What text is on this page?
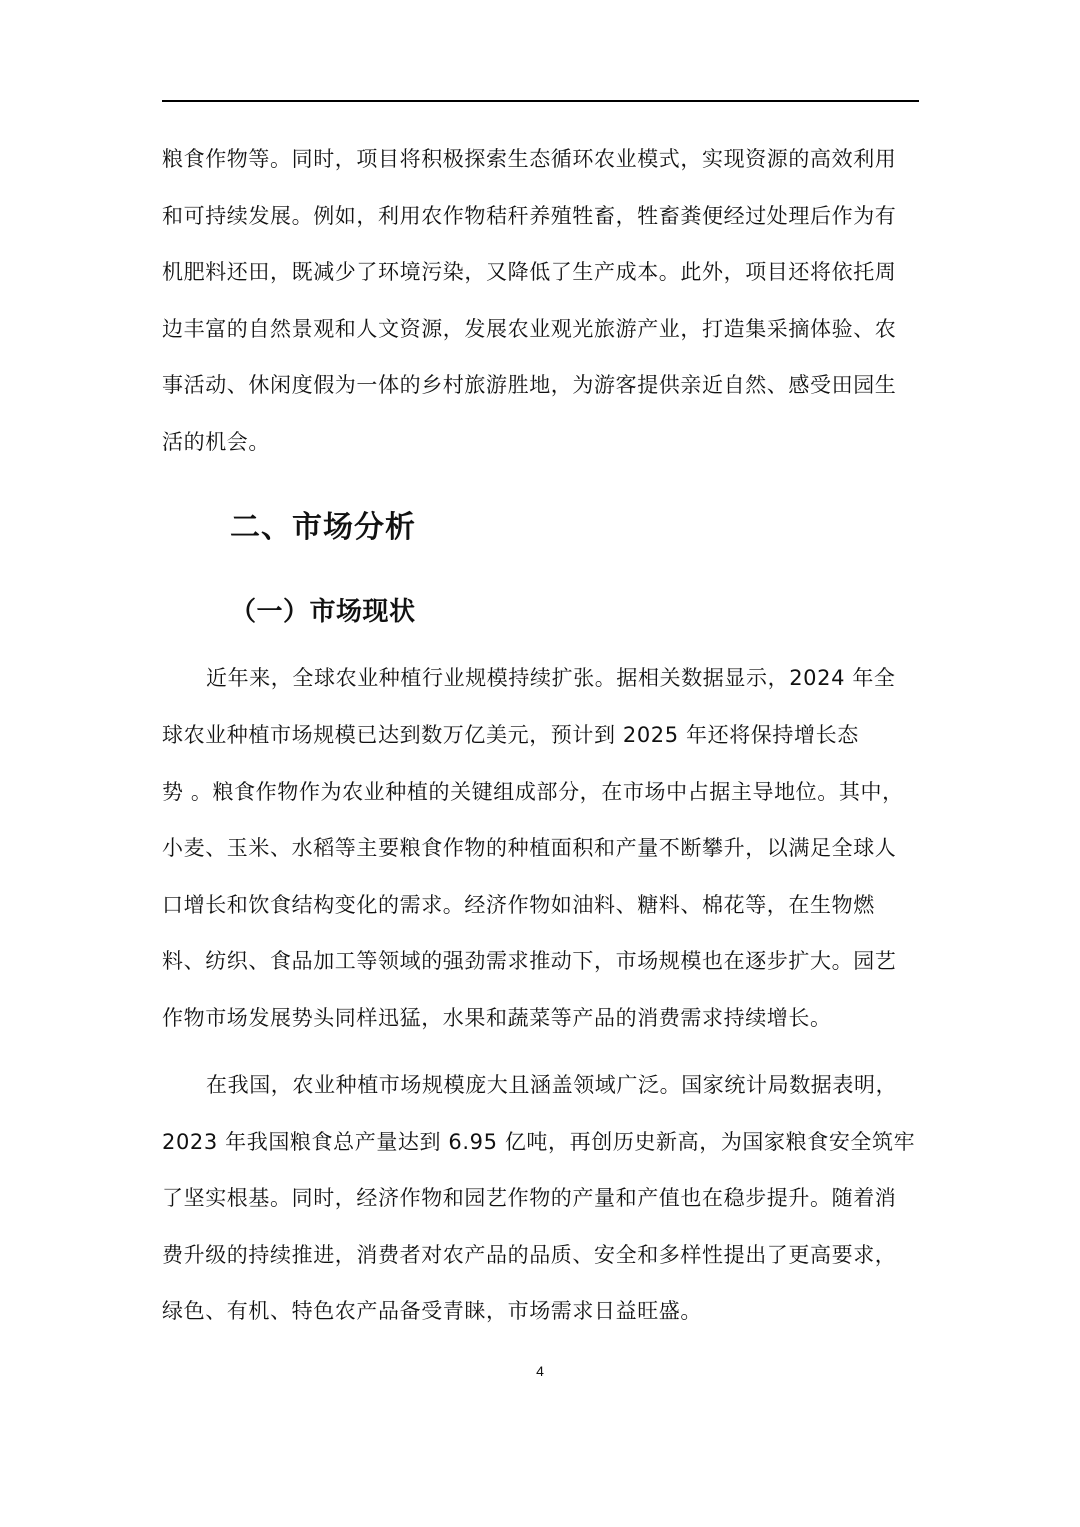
粮食作物等。同时，项目将积极探索生态循环农业模式，实现资源的高效利用
和可持续发展。例如，利用农作物秸秆养殖牲畜，牲畜粪便经过处理后作为有
机肥料还田，既减少了环境污染，又降低了生产成本。此外，项目还将依托周
边丰富的自然景观和人文资源，发展农业观光旅游产业，打造集采摘体验、农
事活动、休闲度假为一体的乡村旅游胜地，为游客提供亲近自然、感受田园生
活的机会。
二、市场分析
（一）市场现状
近年来，全球农业种植行业规模持续扩张。据相关数据显示，2024 年全
球农业种植市场规模已达到数万亿美元，预计到 2025 年还将保持增长态
势 。粮食作物作为农业种植的关键组成部分，在市场中占据主导地位。其中，
小麦、玉米、水稻等主要粮食作物的种植面积和产量不断攀升，以满足全球人
口增长和饮食结构变化的需求。经济作物如油料、糖料、棉花等，在生物燃
料、纺织、食品加工等领域的强劲需求推动下，市场规模也在逐步扩大。园艺
作物市场发展势头同样迅猛，水果和蔬菜等产品的消费需求持续增长。
在我国，农业种植市场规模庞大且涵盖领域广泛。国家统计局数据表明，
2023 年我国粮食总产量达到 6.95 亿吨，再创历史新高，为国家粮食安全筑牢
了坚实根基。同时，经济作物和园艺作物的产量和产值也在稳步提升。随着消
费升级的持续推进，消费者对农产品的品质、安全和多样性提出了更高要求，
绿色、有机、特色农产品备受青睐，市场需求日益旺盛。
4
